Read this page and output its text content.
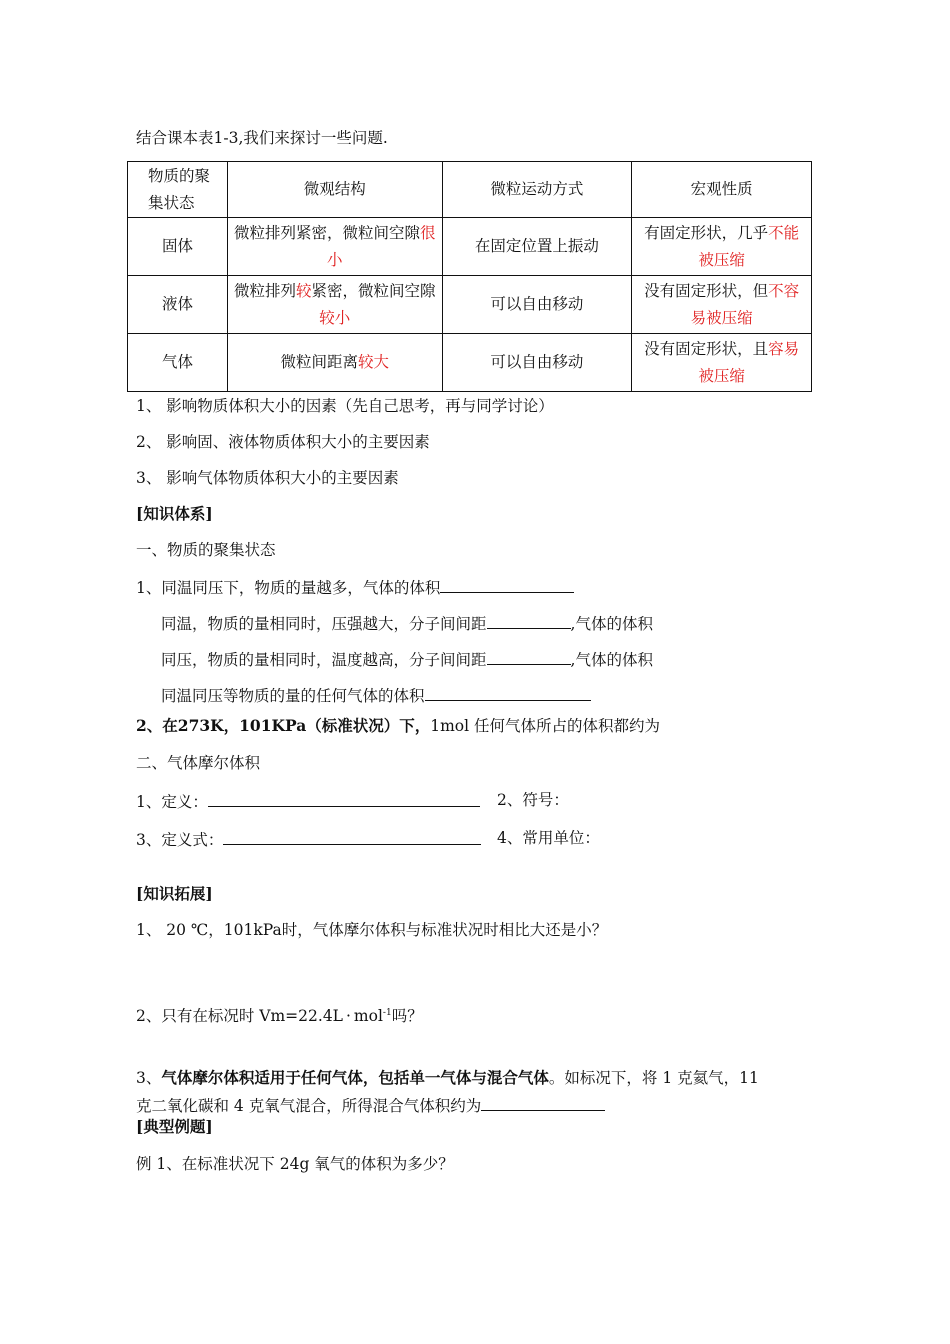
结合课本表1-3,我们来探讨一些问题.
物质的聚集状态	微观结构	微粒运动方式	宏观性质
固体	微粒排列紧密，微粒间空隙很小	在固定位置上振动	有固定形状，几乎不能被压缩
液体	微粒排列较紧密，微粒间空隙较小	可以自由移动	没有固定形状，但不容易被压缩
气体	微粒间距离较大	可以自由移动	没有固定形状，且容易被压缩
1、 影响物质体积大小的因素（先自己思考，再与同学讨论）
2、 影响固、液体物质体积大小的主要因素
3、 影响气体物质体积大小的主要因素
[知识体系]
一、物质的聚集状态
1、同温同压下，物质的量越多，气体的体积
同温，物质的量相同时，压强越大，分子间间距	,气体的体积
同压，物质的量相同时，温度越高，分子间间距	,气体的体积
同温同压等物质的量的任何气体的体积
2、在273K，101KPa（标准状况）下，1mol 任何气体所占的体积都约为
二、气体摩尔体积
1、定义：	2、符号：
3、定义式：	4、常用单位：
[知识拓展]
1、 20 ℃，101kPa时，气体摩尔体积与标准状况时相比大还是小？
2、只有在标况时 Vm=22.4L · mol$^{-1}$吗？
3、气体摩尔体积适用于任何气体，包括单一气体与混合气体。如标况下，将 1 克氦气，11
克二氧化碳和 4 克氧气混合，所得混合气体积约为
[典型例题]
例 1、在标准状况下 24g 氧气的体积为多少？
